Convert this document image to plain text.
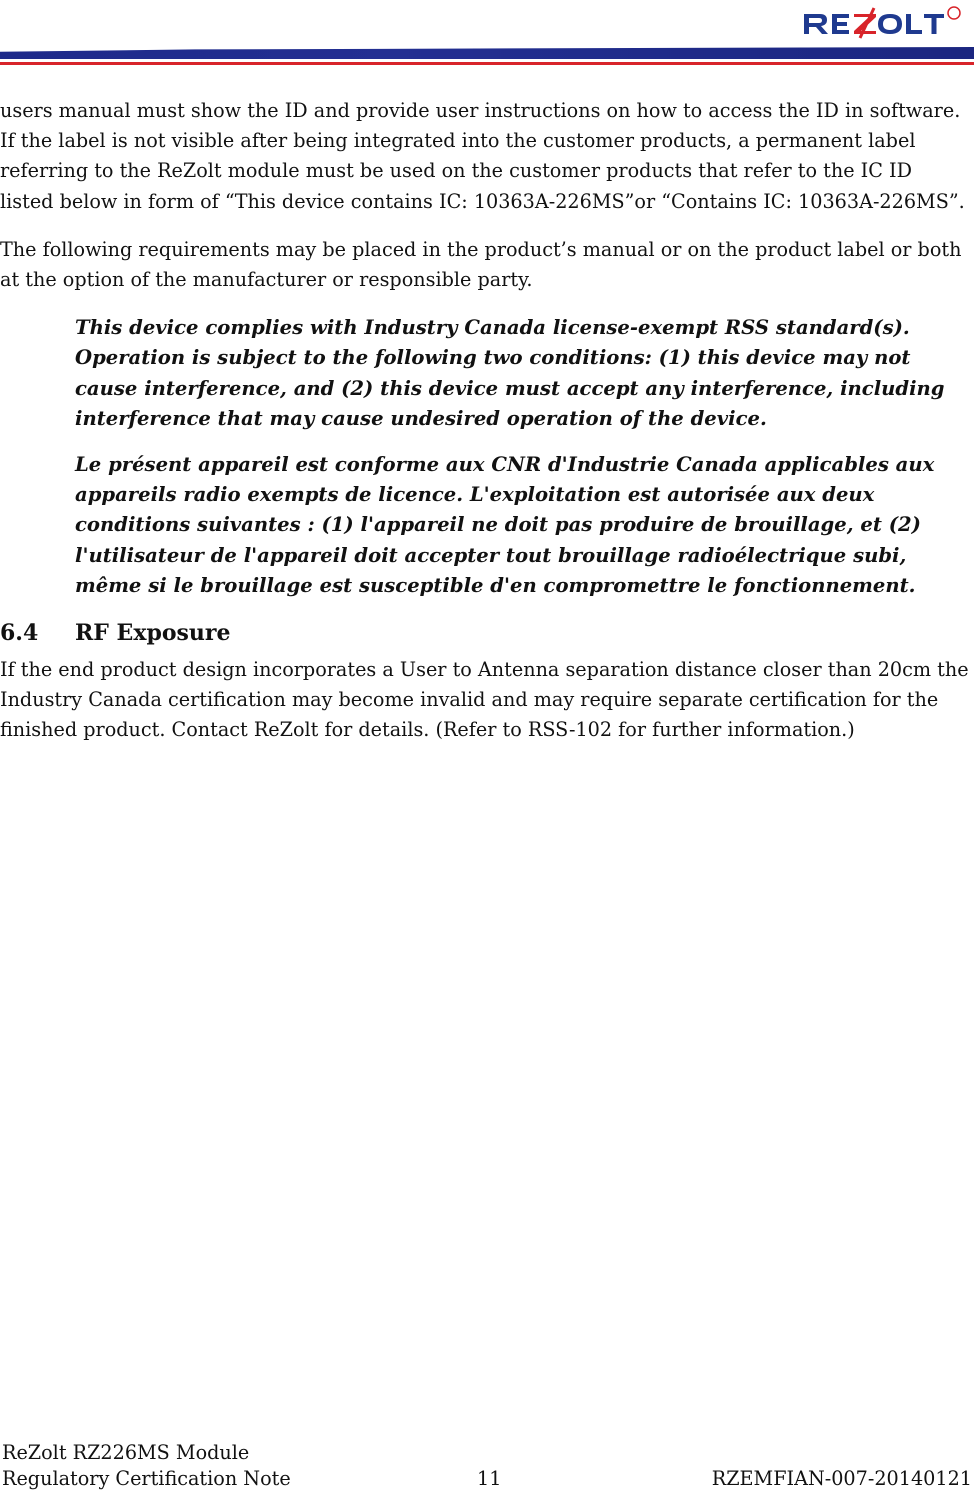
users manual must show the ID and provide user instructions on how to access the ID in software. If the label is not visible after being integrated into the customer products, a permanent label referring to the ReZolt module must be used on the customer products that refer to the IC ID listed below in form of “This device contains IC: 10363A-226MS”or “Contains IC: 10363A-226MS”.

The following requirements may be placed in the product’s manual or on the product label or both at the option of the manufacturer or responsible party.

This device complies with Industry Canada license-exempt RSS standard(s). Operation is subject to the following two conditions: (1) this device may not cause interference, and (2) this device must accept any interference, including interference that may cause undesired operation of the device.

Le présent appareil est conforme aux CNR d'Industrie Canada applicables aux appareils radio exempts de licence. L'exploitation est autorisée aux deux conditions suivantes : (1) l'appareil ne doit pas produire de brouillage, et (2) l'utilisateur de l'appareil doit accepter tout brouillage radioélectrique subi, même si le brouillage est susceptible d'en compromettre le fonctionnement.

6.4	RF Exposure

If the end product design incorporates a User to Antenna separation distance closer than 20cm the Industry Canada certification may become invalid and may require separate certification for the finished product. Contact ReZolt for details. (Refer to RSS-102 for further information.)

ReZolt RZ226MS Module
Regulatory Certification Note	11	RZEMFIAN-007-20140121
